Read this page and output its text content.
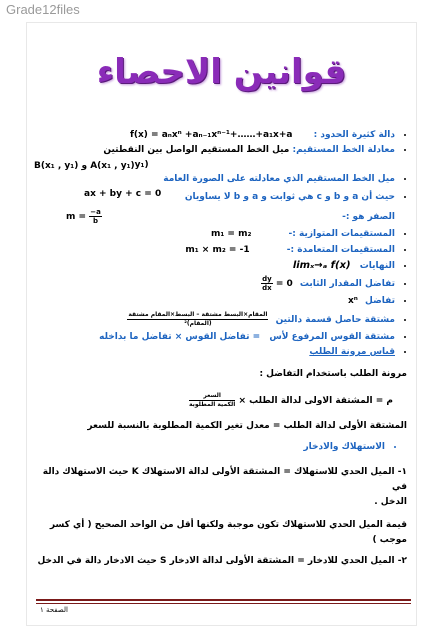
Grade12files
قوانين الاحصاء
• دالة كثيرة الحدود : f(x) = aₙxⁿ +aₙ₋₁xⁿ⁻¹+……+a₁x+a
• معادلة الخط المستقيم: ميل الخط المستقيم الواصل بين النقطتين
B(x₁ , y₁) و A(x₁ , y₁) y₁)
• ميل الخط المستقيم الذي معادلته على الصورة العامة
ax + by + c = 0
•	حيث أن a و b و c هي ثوابت و a و b لا يساويان الصفر هو :-
$m = \frac{-a}{b}$
• المستقيمات المتوازية :- m₁ = m₂
• المستقيمات المتعامدة :- m₁ × m₂ = -1
• النهايات limₓ→ₐ f(x)
• تفاضل المقدار الثابت
$\frac{dy}{dx} = 0$
• تفاضل xⁿ
• مشتقة حاصل قسمة دالتين
$\frac{\text{المقام×البسط مشتقة – البسط×المقام مشتقة}}{\text{(المقام)²}}$
• مشتقة القوس المرفوع لأس = تفاضل القوس × تفاضل ما بداخله
• قياس مرونة الطلب
مرونة الطلب باستخدام التفاضل :
م = المشتقة الاولى لدالة الطلب ×
$\frac{\text{السعر}}{\text{الكمية المطلوبة}}$
المشتقة الأولى لدالة الطلب = معدل تغير الكمية المطلوبة بالنسبة للسعر
• الاستهلاك والادخار
١- الميل الحدي للاستهلاك = المشتقة الأولى لدالة الاستهلاك K حيث الاستهلاك دالة في
الدخل .
قيمة الميل الحدي للاستهلاك تكون موجبة ولكنها أقل من الواحد الصحيح ( أي كسر موجب )
٢- الميل الحدي للادخار = المشتقة الأولى لدالة الادخار S حيث الادخار دالة في الدخل
الصفحة ١
